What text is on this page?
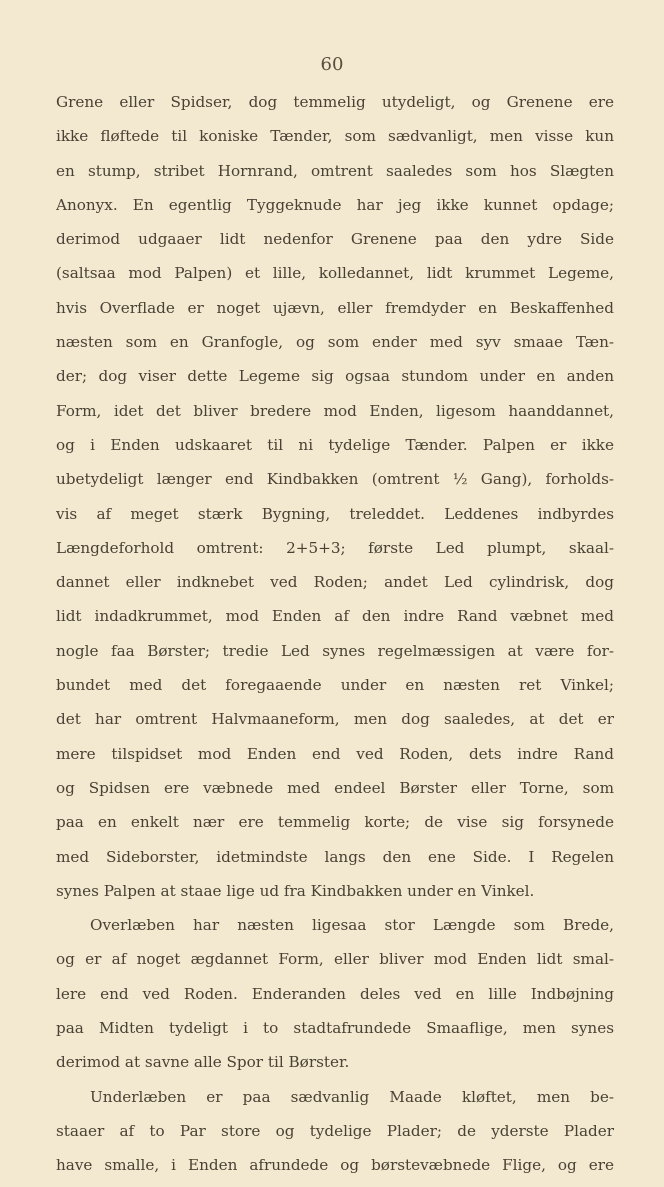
60
Grene eller Spidser, dog temmelig utydeligt, og Grenene ere
ikke fløftede til koniske Tænder, som sædvanligt, men visse kun
en stump, stribet Hornrand, omtrent saaledes som hos Slægten
Anonyx. En egentlig Tyggeknude har jeg ikke kunnet opdage;
derimod udgaaer lidt nedenfor Grenene paa den ydre Side
(saltsaa mod Palpen) et lille, kolledannet, lidt krummet Legeme,
hvis Overflade er noget ujævn, eller fremdyder en Beskaffenhed
næsten som en Granfogle, og som ender med syv smaae Tæn-
der; dog viser dette Legeme sig ogsaa stundom under en anden
Form, idet det bliver bredere mod Enden, ligesom haanddannet,
og i Enden udskaaret til ni tydelige Tænder. Palpen er ikke
ubetydeligt længer end Kindbakken (omtrent ½ Gang), forholds-
vis af meget stærk Bygning, treleddet. Leddenes indbyrdes
Længdeforhold omtrent: 2+5+3; første Led plumpt, skaal-
dannet eller indknebet ved Roden; andet Led cylindrisk, dog
lidt indadkrummet, mod Enden af den indre Rand væbnet med
nogle faa Børster; tredie Led synes regelmæssigen at være for-
bundet med det foregaaende under en næsten ret Vinkel;
det har omtrent Halvmaaneform, men dog saaledes, at det er
mere tilspidset mod Enden end ved Roden, dets indre Rand
og Spidsen ere væbnede med endeel Børster eller Torne, som
paa en enkelt nær ere temmelig korte; de vise sig forsynede
med Sideborster, idetmindste langs den ene Side. I Regelen
synes Palpen at staae lige ud fra Kindbakken under en Vinkel.
Overlæben har næsten ligesaa stor Længde som Brede,
og er af noget ægdannet Form, eller bliver mod Enden lidt smal-
lere end ved Roden. Enderanden deles ved en lille Indbøjning
paa Midten tydeligt i to stadtafrundede Smaaflige, men synes
derimod at savne alle Spor til Børster.
Underlæben er paa sædvanlig Maade kløftet, men be-
staaer af to Par store og tydelige Plader; de yderste Plader
have smalle, i Enden afrundede og børstevæbnede Flige, og ere
